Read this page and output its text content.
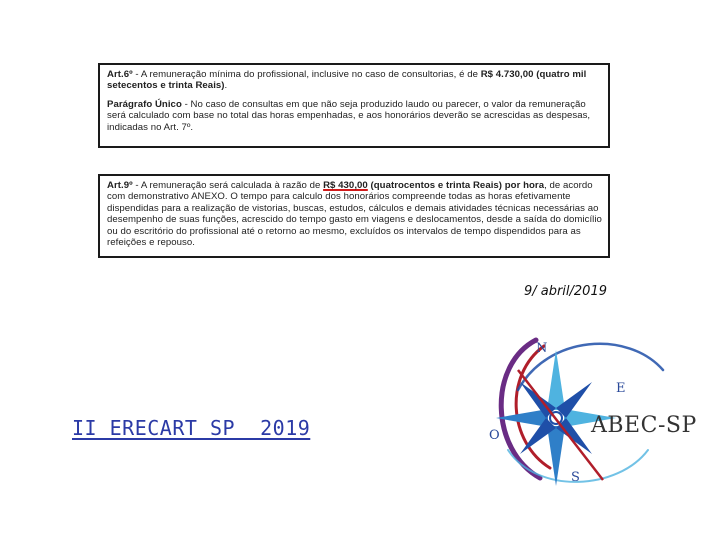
Art.6º - A remuneração mínima do profissional, inclusive no caso de consultorias, é de R$ 4.730,00 (quatro mil setecentos e trinta Reais).

Parágrafo Único - No caso de consultas em que não seja produzido laudo ou parecer, o valor da remuneração será calculado com base no total das horas empenhadas, e aos honorários deverão se acrescidas as despesas, indicadas no Art. 7º.

Art.9º - A remuneração será calculada à razão de R$ 430,00 (quatrocentos e trinta Reais) por hora, de acordo com demonstrativo ANEXO. O tempo para calculo dos honorários compreende todas as horas efetivamente dispendidas para a realização de vistorias, buscas, estudos, cálculos e demais atividades técnicas necessárias ao desempenho de suas funções, acrescido do tempo gasto em viagens e deslocamentos, desde a saída do domicílio ou do escritório do profissional até o retorno ao mesmo, excluídos os intervalos de tempo dispendidos para as refeições e repouso.

9/ abril/2019
II ERECART SP  2019
N
E
S
O	ABEC-SP
